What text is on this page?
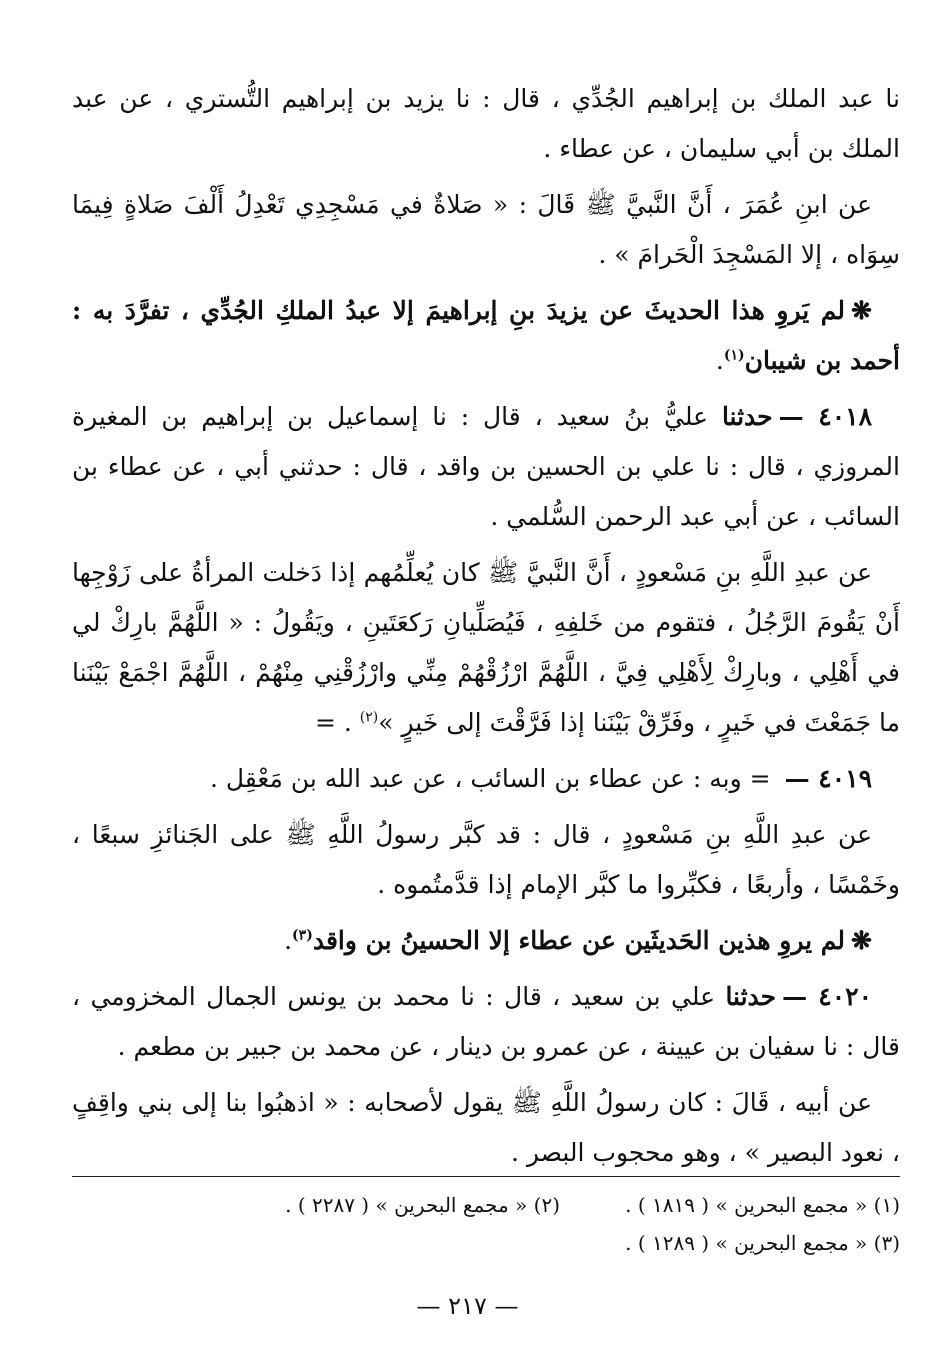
نا عبد الملك بن إبراهيم الجُدِّي ، قال : نا يزيد بن إبراهيم التُّستري ، عن عبد الملك بن أبي سليمان ، عن عطاء .

عن ابنِ عُمَرَ ، أَنَّ النَّبيَّ ﷺ قَالَ : « صَلاةٌ في مَسْجِدِي تَعْدِلُ أَلْفَ صَلاةٍ فِيمَا سِوَاه ، إلا المَسْجِدَ الْحَرامَ » .

❋لم يَروِ هذا الحديثَ عن يزيدَ بنِ إبراهيمَ إلا عبدُ الملكِ الجُدِّي ، تفرَّدَ به : أحمد بن شيبان$^{(١)}$.

٤٠١٨ —حدثنا عليُّ بنُ سعيد ، قال : نا إسماعيل بن إبراهيم بن المغيرة المروزي ، قال : نا علي بن الحسين بن واقد ، قال : حدثني أبي ، عن عطاء بن السائب ، عن أبي عبد الرحمن السُّلمي .

عن عبدِ اللَّهِ بنِ مَسْعودٍ ، أَنَّ النَّبيَّ ﷺ كان يُعلِّمُهم إذا دَخلت المرأةُ على زَوْجِها أَنْ يَقُومَ الرَّجُلُ ، فتقوم من خَلفِهِ ، فَيُصَلِّيانِ رَكعَتَينِ ، ويَقُولُ : « اللَّهُمَّ بارِكْ لي في أَهْلِي ، وبارِكْ لِأَهْلِي فِيَّ ، اللَّهُمَّ ارْزُقْهُمْ مِنِّي وارْزُقْنِي مِنْهُمْ ، اللَّهُمَّ اجْمَعْ بَيْنَنا ما جَمَعْتَ في خَيرٍ ، وفَرِّقْ بَيْنَنا إذا فَرَّقْتَ إلى خَيرٍ »$^{(٢)}$ . =

٤٠١٩ — = وبه : عن عطاء بن السائب ، عن عبد الله بن مَعْقِل .

عن عبدِ اللَّهِ بنِ مَسْعودٍ ، قال : قد كبَّر رسولُ اللَّهِ ﷺ على الجَنائزِ سبعًا ، وخَمْسًا ، وأربعًا ، فكبِّروا ما كبَّر الإمام إذا قدَّمتُموه .

❋لم يروِ هذين الحَديثَين عن عطاء إلا الحسينُ بن واقد$^{(٣)}$.

٤٠٢٠ —حدثنا علي بن سعيد ، قال : نا محمد بن يونس الجمال المخزومي ، قال : نا سفيان بن عيينة ، عن عمرو بن دينار ، عن محمد بن جبير بن مطعم .

عن أبيه ، قَالَ : كان رسولُ اللَّهِ ﷺ يقول لأصحابه : « اذهبُوا بنا إلى بني واقِفٍ ، نعود البصير » ، وهو محجوب البصر .

(١) « مجمع البحرين » ( ١٨١٩ ) .
(٢) « مجمع البحرين » ( ٢٢٨٧ ) .
(٣) « مجمع البحرين » ( ١٢٨٩ ) .
— ٢١٧ —
